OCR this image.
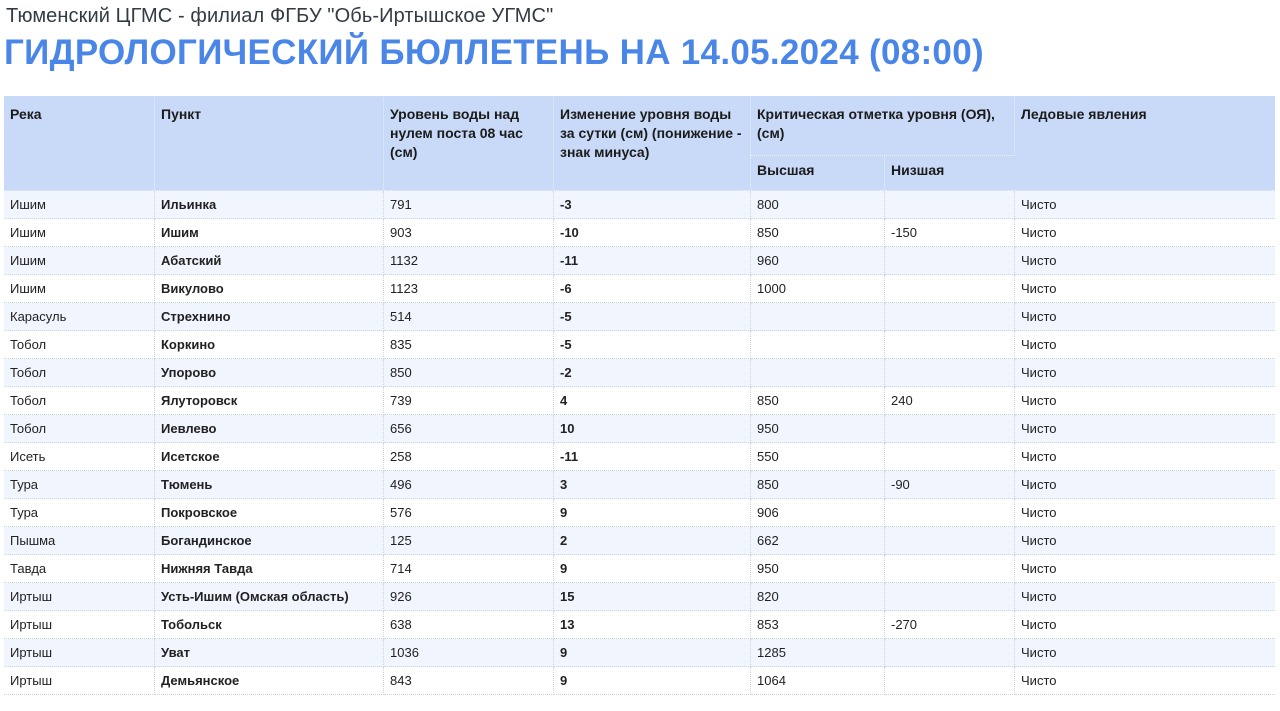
Тюменский ЦГМС - филиал ФГБУ "Обь-Иртышское УГМС"
ГИДРОЛОГИЧЕСКИЙ БЮЛЛЕТЕНЬ НА 14.05.2024 (08:00)
Река	Пункт	Уровень воды над нулем поста 08 час (см)	Изменение уровня воды за сутки (см) (понижение - знак минуса)	Критическая отметка уровня (ОЯ), (см)		Ледовые явления
				Высшая	Низшая	
Ишим	Ильинка	791	-3	800		Чисто
Ишим	Ишим	903	-10	850	-150	Чисто
Ишим	Абатский	1132	-11	960		Чисто
Ишим	Викулово	1123	-6	1000		Чисто
Карасуль	Стрехнино	514	-5			Чисто
Тобол	Коркино	835	-5			Чисто
Тобол	Упорово	850	-2			Чисто
Тобол	Ялуторовск	739	4	850	240	Чисто
Тобол	Иевлево	656	10	950		Чисто
Исеть	Исетское	258	-11	550		Чисто
Тура	Тюмень	496	3	850	-90	Чисто
Тура	Покровское	576	9	906		Чисто
Пышма	Богандинское	125	2	662		Чисто
Тавда	Нижняя Тавда	714	9	950		Чисто
Иртыш	Усть-Ишим (Омская область)	926	15	820		Чисто
Иртыш	Тобольск	638	13	853	-270	Чисто
Иртыш	Уват	1036	9	1285		Чисто
Иртыш	Демьянское	843	9	1064		Чисто
